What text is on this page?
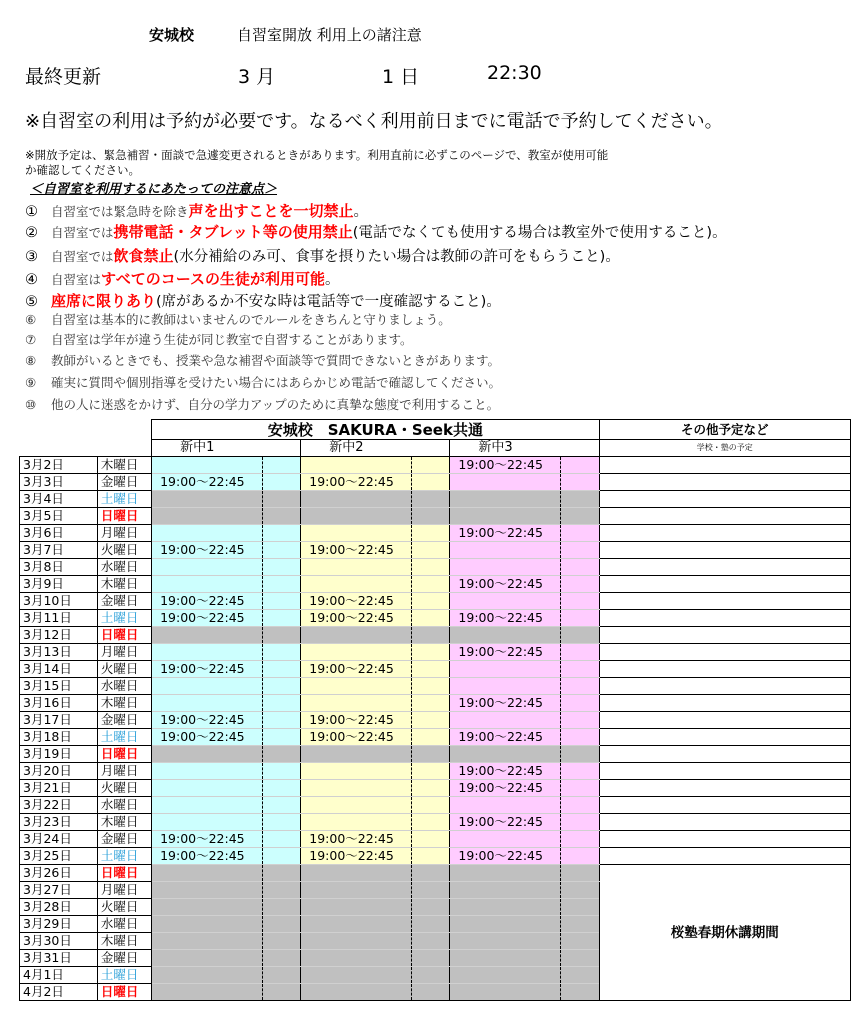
安城校	自習室開放 利用上の諸注意
最終更新	3 月	1 日	22:30
※自習室の利用は予約が必要です。なるべく利用前日までに電話で予約してください。
※開放予定は、緊急補習・面談で急遽変更されるときがあります。利用直前に必ずこのページで、教室が使用可能
か確認してください。
＜自習室を利用するにあたっての注意点＞
① 自習室では緊急時を除き声を出すことを一切禁止。
② 自習室では携帯電話・タブレット等の使用禁止(電話でなくても使用する場合は教室外で使用すること)。
③ 自習室では飲食禁止(水分補給のみ可、食事を摂りたい場合は教師の許可をもらうこと)。
④ 自習室はすべてのコースの生徒が利用可能。
⑤ 座席に限りあり(席があるか不安な時は電話等で一度確認すること)。
⑥ 自習室は基本的に教師はいませんのでルールをきちんと守りましょう。
⑦ 自習室は学年が違う生徒が同じ教室で自習することがあります。
⑧ 教師がいるときでも、授業や急な補習や面談等で質問できないときがあります。
⑨ 確実に質問や個別指導を受けたい場合にはあらかじめ電話で確認してください。
⑩ 他の人に迷惑をかけず、自分の学力アップのために真摯な態度で利用すること。
		安城校　SAKURA・Seek共通						その他予定など
		新中1		新中2		新中3		学校・塾の予定
3月2日	木曜日					19:00〜22:45		
3月3日	金曜日	19:00〜22:45		19:00〜22:45				
3月4日	土曜日							
3月5日	日曜日							
3月6日	月曜日					19:00〜22:45		
3月7日	火曜日	19:00〜22:45		19:00〜22:45				
3月8日	水曜日							
3月9日	木曜日					19:00〜22:45		
3月10日	金曜日	19:00〜22:45		19:00〜22:45				
3月11日	土曜日	19:00〜22:45		19:00〜22:45		19:00〜22:45		
3月12日	日曜日							
3月13日	月曜日					19:00〜22:45		
3月14日	火曜日	19:00〜22:45		19:00〜22:45				
3月15日	水曜日							
3月16日	木曜日					19:00〜22:45		
3月17日	金曜日	19:00〜22:45		19:00〜22:45				
3月18日	土曜日	19:00〜22:45		19:00〜22:45		19:00〜22:45		
3月19日	日曜日							
3月20日	月曜日					19:00〜22:45		
3月21日	火曜日					19:00〜22:45		
3月22日	水曜日							
3月23日	木曜日					19:00〜22:45		
3月24日	金曜日	19:00〜22:45		19:00〜22:45				
3月25日	土曜日	19:00〜22:45		19:00〜22:45		19:00〜22:45		
3月26日	日曜日							桜塾春期休講期間
3月27日	月曜日							
3月28日	火曜日							
3月29日	水曜日							
3月30日	木曜日							
3月31日	金曜日							
4月1日	土曜日							
4月2日	日曜日							
